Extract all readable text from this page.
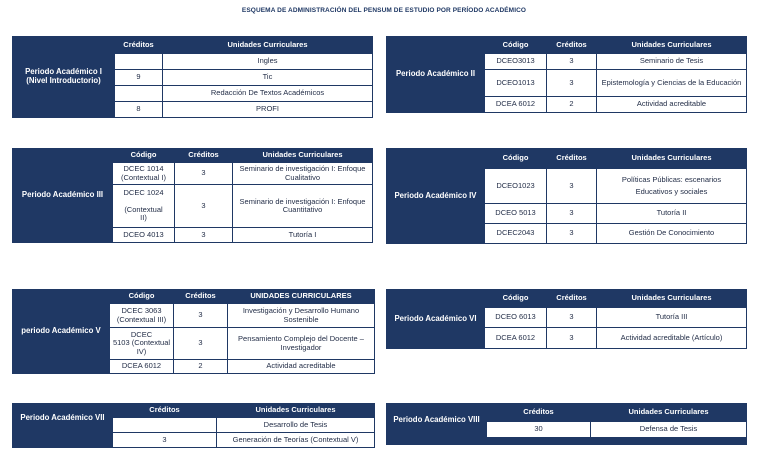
ESQUEMA DE ADMINISTRACIÓN DEL PENSUM DE ESTUDIO POR PERÍODO ACADÉMICO
Periodo Académico I
(Nivel Introductorio)	Créditos	Unidades Curriculares
		Ingles
	9	Tic
		Redacción De Textos Académicos
	8	PROFI
Periodo Académico II	Código	Créditos	Unidades Curriculares
	DCEO3013	3	Seminario de Tesis
	DCEO1013	3	Epistemología y Ciencias de la Educación
	DCEA 6012	2	Actividad acreditable
Periodo Académico III	Código	Créditos	Unidades Curriculares
	DCEC 1014
(Contextual I)	3	Seminario de investigación I: Enfoque Cualitativo
	DCEC 1024

(Contextual
II)	3	Seminario de investigación I: Enfoque Cuantitativo
	DCEO 4013	3	Tutoría I
Periodo Académico IV	Código	Créditos	Unidades Curriculares
	DCEO1023	3	Políticas Públicas: escenarios
Educativos y sociales
	DCEO 5013	3	Tutoría II
	DCEC2043	3	Gestión De Conocimiento
periodo Académico V	Código	Créditos	UNIDADES CURRICULARES
	DCEC 3063
(Contextual III)	3	Investigación y Desarrollo Humano Sostenible
	DCEC
5103 (Contextual
IV)	3	Pensamiento Complejo del Docente – Investigador
	DCEA 6012	2	Actividad acreditable
Periodo Académico VI	Código	Créditos	Unidades Curriculares
	DCEO 6013	3	Tutoría III
	DCEA 6012	3	Actividad acreditable (Artículo)
Periodo Académico VII	Créditos	Unidades Curriculares
		Desarrollo de Tesis
	3	Generación de Teorías (Contextual V)
Periodo Académico VIII	Créditos	Unidades Curriculares
	30	Defensa de Tesis
